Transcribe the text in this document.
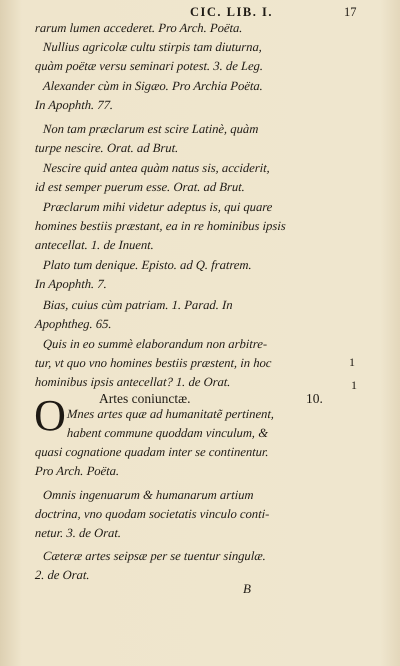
CIC. LIB. I.	17
rarum lumen accederet. Pro Arch. Poëta.
Nullius agricolæ cultu stirpis tam diuturna,
quàm poëtæ versu seminari potest. 3. de Leg.
Alexander cùm in Sigæo. Pro Archia Poëta.
In Apophth. 77.
Non tam præclarum est scire Latinè, quàm
turpe nescire. Orat. ad Brut.
Nescire quid antea quàm natus sis, acciderit,
id est semper puerum esse. Orat. ad Brut.
Præclarum mihi videtur adeptus is, qui quare
homines bestiis præstant, ea in re hominibus ipsis
antecellat. 1. de Inuent.
Plato tum denique. Episto. ad Q. fratrem.
In Apophth. 7.
Bias, cuius cùm patriam. 1. Parad. In
Apophtheg. 65.
Quis in eo summè elaborandum non arbitre-
tur, vt quo vno homines bestiis præstent, in hoc
hominibus ipsis antecellat? 1. de Orat.
Artes coniunctæ.	10.
O Mnes artes quæ ad humanitatẽ pertinent,
habent commune quoddam vinculum, &
quasi cognatione quadam inter se continentur.
Pro Arch. Poëta.
Omnis ingenuarum & humanarum artium
doctrina, vno quodam societatis vinculo conti-
netur. 3. de Orat.
Cæteræ artes seipsæ per se tuentur singulæ.
2. de Orat.
1
1
B
